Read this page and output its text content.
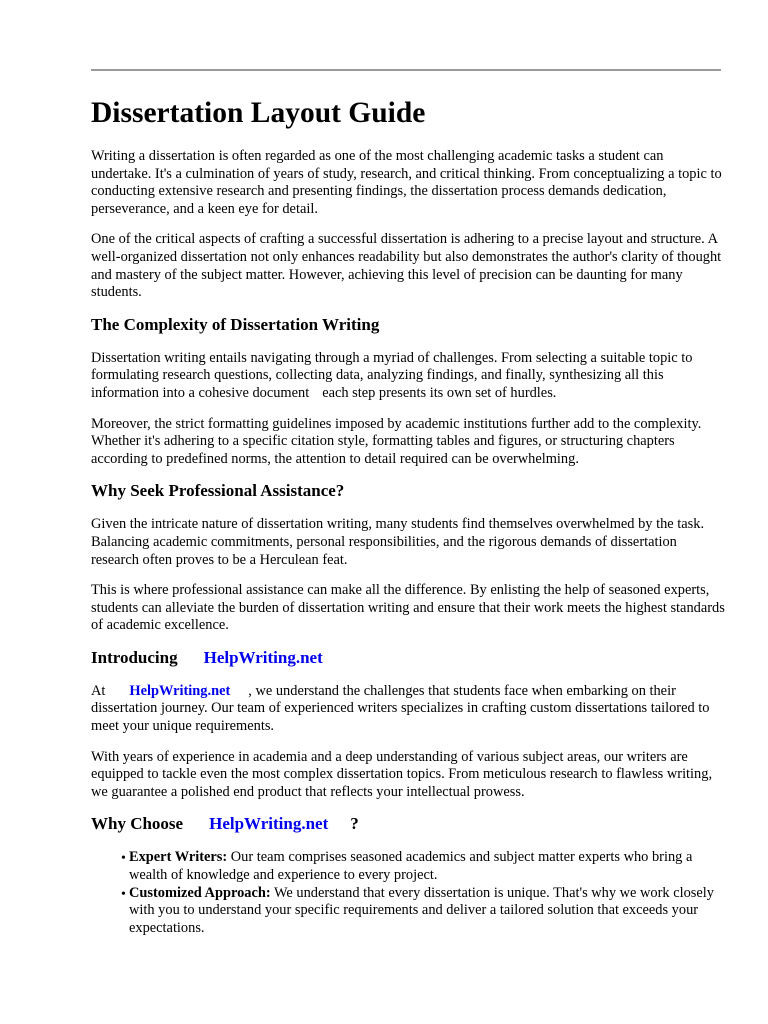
Dissertation Layout Guide

Writing a dissertation is often regarded as one of the most challenging academic tasks a student can undertake. It's a culmination of years of study, research, and critical thinking. From conceptualizing a topic to conducting extensive research and presenting findings, the dissertation process demands dedication, perseverance, and a keen eye for detail.

One of the critical aspects of crafting a successful dissertation is adhering to a precise layout and structure. A well-organized dissertation not only enhances readability but also demonstrates the author's clarity of thought and mastery of the subject matter. However, achieving this level of precision can be daunting for many students.

The Complexity of Dissertation Writing

Dissertation writing entails navigating through a myriad of challenges. From selecting a suitable topic to formulating research questions, collecting data, analyzing findings, and finally, synthesizing all this information into a cohesive document each step presents its own set of hurdles.

Moreover, the strict formatting guidelines imposed by academic institutions further add to the complexity. Whether it's adhering to a specific citation style, formatting tables and figures, or structuring chapters according to predefined norms, the attention to detail required can be overwhelming.

Why Seek Professional Assistance?

Given the intricate nature of dissertation writing, many students find themselves overwhelmed by the task. Balancing academic commitments, personal responsibilities, and the rigorous demands of dissertation research often proves to be a Herculean feat.

This is where professional assistance can make all the difference. By enlisting the help of seasoned experts, students can alleviate the burden of dissertation writing and ensure that their work meets the highest standards of academic excellence.

Introducing HelpWriting.net

At HelpWriting.net , we understand the challenges that students face when embarking on their dissertation journey. Our team of experienced writers specializes in crafting custom dissertations tailored to meet your unique requirements.

With years of experience in academia and a deep understanding of various subject areas, our writers are equipped to tackle even the most complex dissertation topics. From meticulous research to flawless writing, we guarantee a polished end product that reflects your intellectual prowess.

Why Choose HelpWriting.net ?
• Expert Writers: Our team comprises seasoned academics and subject matter experts who bring a wealth of knowledge and experience to every project.
• Customized Approach: We understand that every dissertation is unique. That's why we work closely with you to understand your specific requirements and deliver a tailored solution that exceeds your expectations.
